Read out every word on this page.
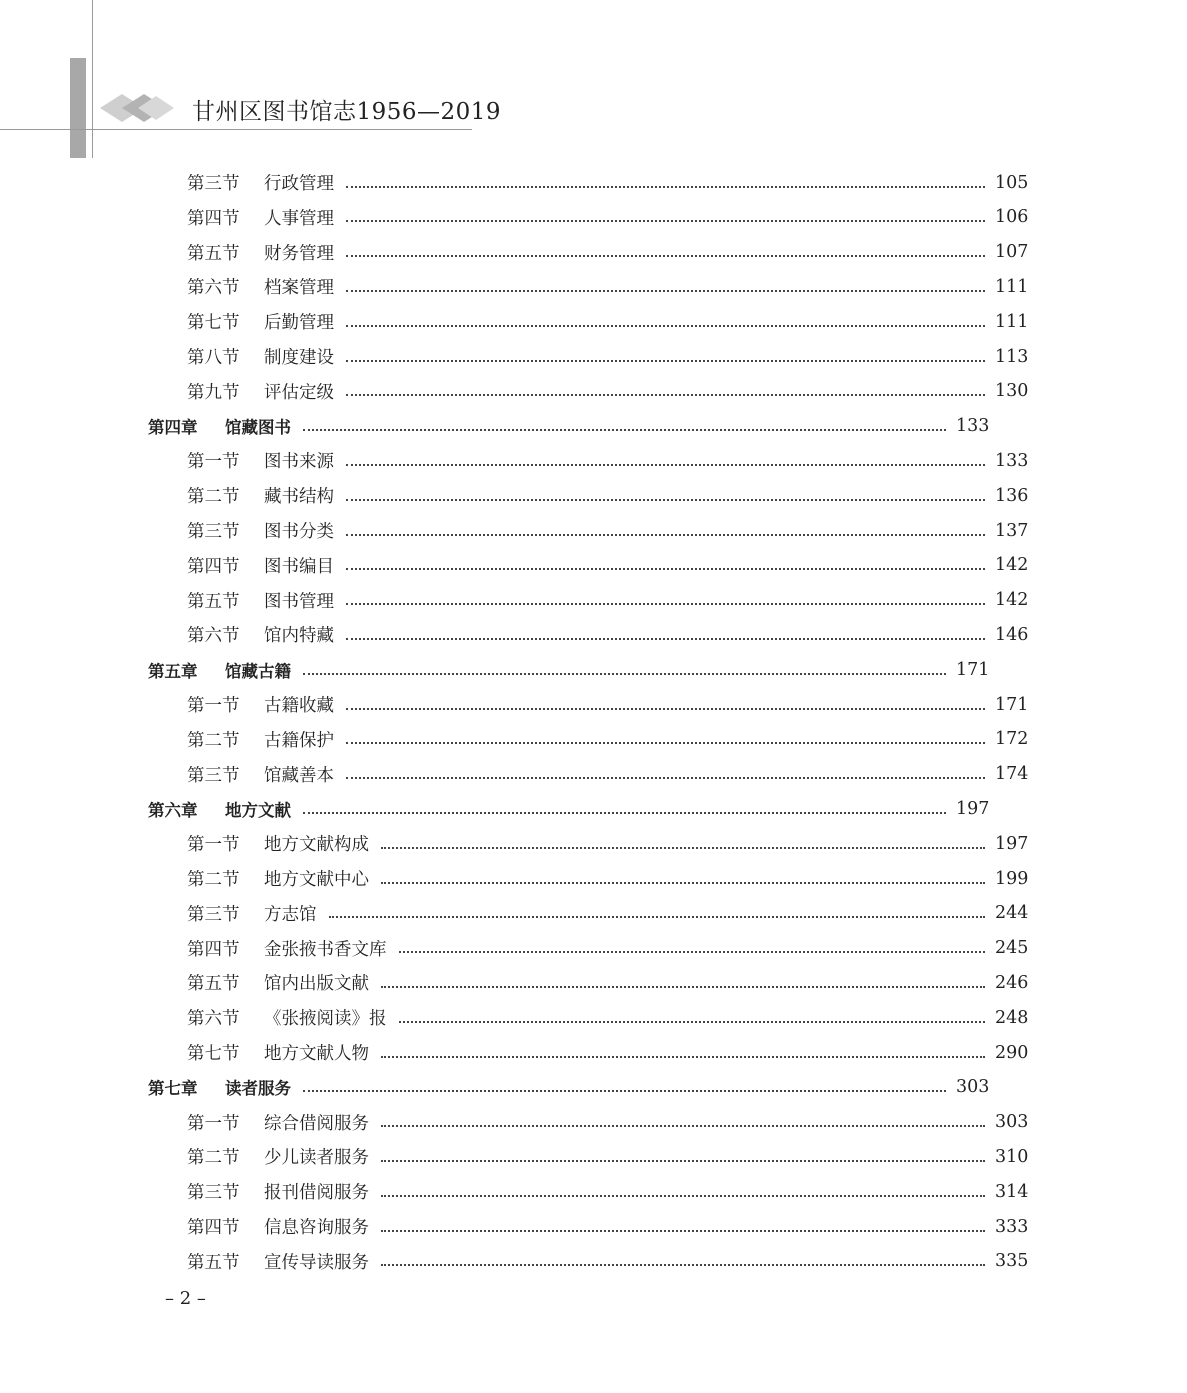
甘州区图书馆志1956—2019
第三节	行政管理	105
第四节	人事管理	106
第五节	财务管理	107
第六节	档案管理	111
第七节	后勤管理	111
第八节	制度建设	113
第九节	评估定级	130
第四章	馆藏图书	133
第一节	图书来源	133
第二节	藏书结构	136
第三节	图书分类	137
第四节	图书编目	142
第五节	图书管理	142
第六节	馆内特藏	146
第五章	馆藏古籍	171
第一节	古籍收藏	171
第二节	古籍保护	172
第三节	馆藏善本	174
第六章	地方文献	197
第一节	地方文献构成	197
第二节	地方文献中心	199
第三节	方志馆	244
第四节	金张掖书香文库	245
第五节	馆内出版文献	246
第六节	《张掖阅读》报	248
第七节	地方文献人物	290
第七章	读者服务	303
第一节	综合借阅服务	303
第二节	少儿读者服务	310
第三节	报刊借阅服务	314
第四节	信息咨询服务	333
第五节	宣传导读服务	335
– 2 –
